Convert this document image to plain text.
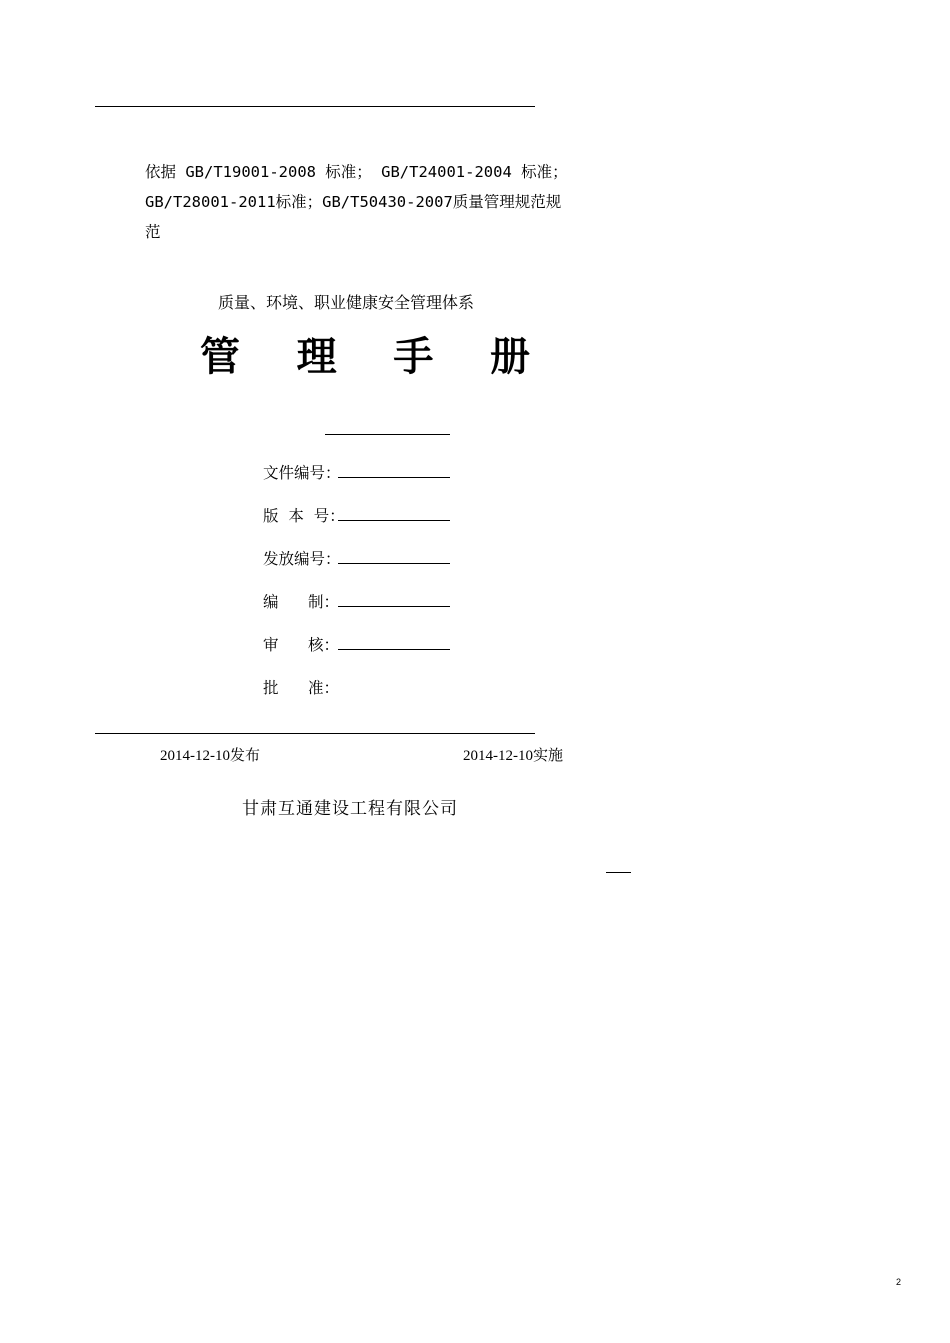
依据 GB/T19001-2008 标准； GB/T24001-2004 标准；
GB/T28001-2011标准；GB/T50430-2007质量管理规范规
范
质量、环境、职业健康安全管理体系
管 理 手 册
文件编号：
版  本  号：
发放编号：
编      制：
审      核：
批      准：
2014-12-10发布	2014-12-10实施
甘肃互通建设工程有限公司
2
